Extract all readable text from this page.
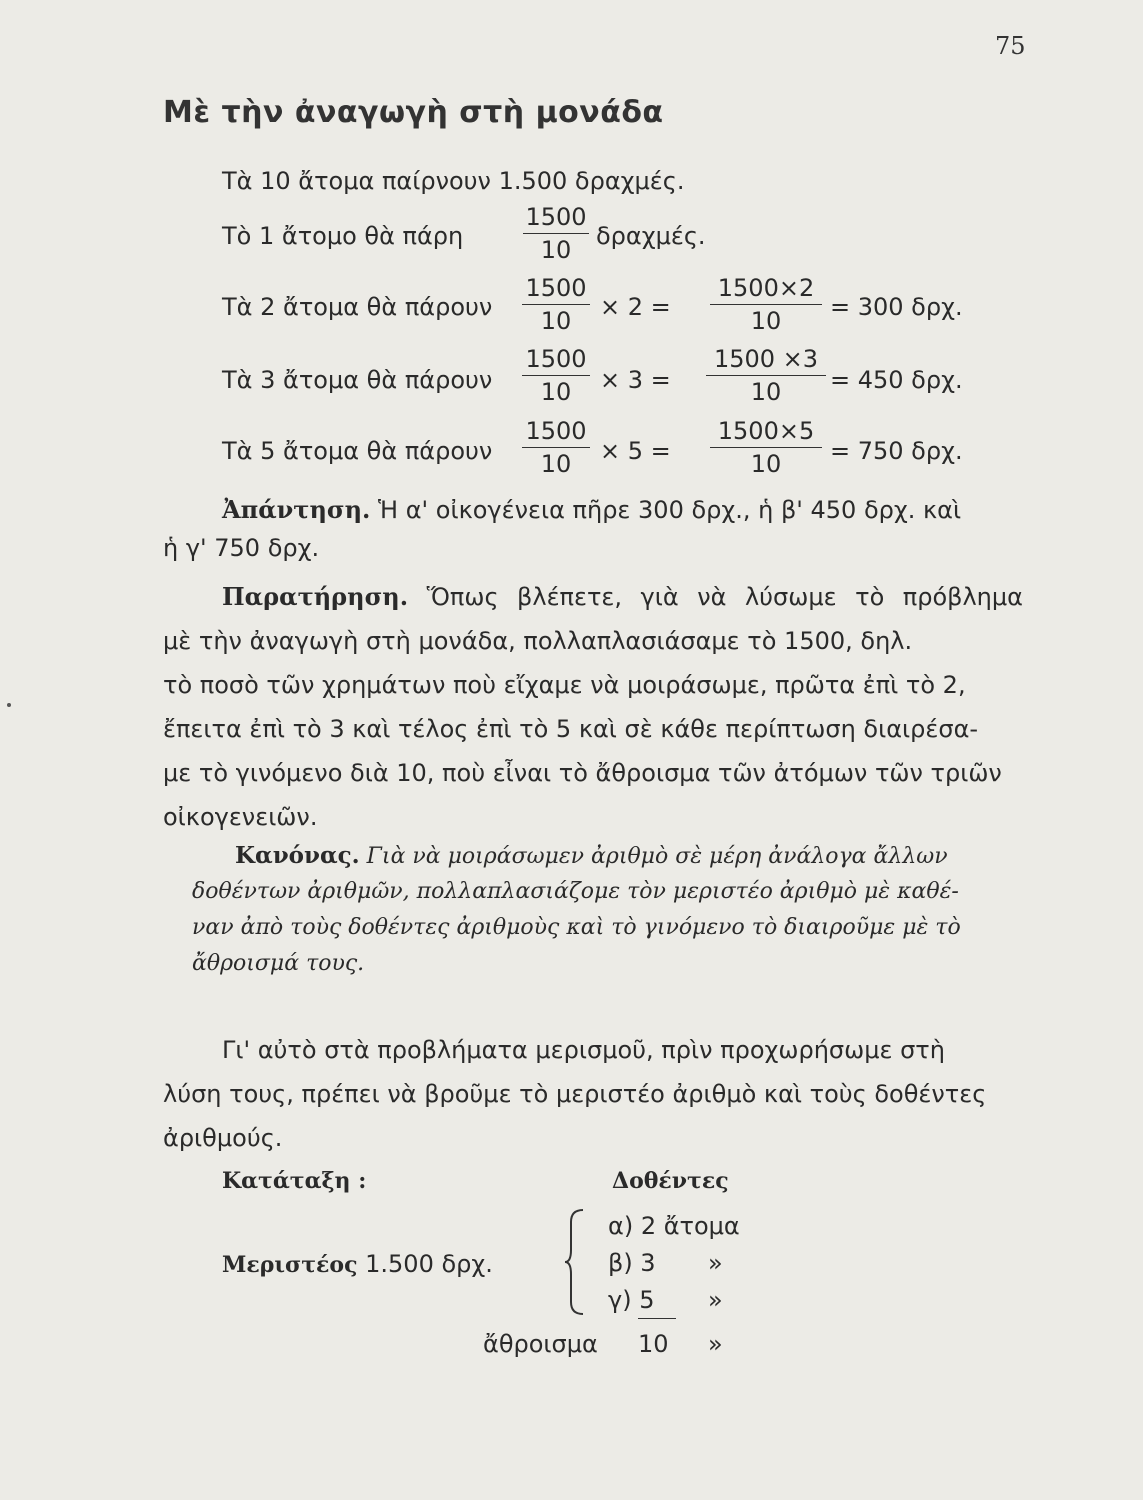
75
Mὲ τὴν ἀναγωγὴ στὴ μονάδα
Τὰ 10 ἄτομα παίρνουν 1.500 δραχμές.
Τὸ 1 ἄτομο θὰ πάρη $\frac{1500}{10} \delta\rho\alpha\chi\mu έ\varsigma$.
Τὰ 2 ἄτομα θὰ πάρουν $\frac{1500}{10} \times 2 = \frac{1500\times 2}{10} = 300$ δρχ.
Τὰ 3 ἄτομα θὰ πάρουν $\frac{1500}{10} \times 3 = \frac{1500 \times 3}{10} = 450$ δρχ.
Τὰ 5 ἄτομα θὰ πάρουν $\frac{1500}{10} \times 5 = \frac{1500\times 5}{10} = 750$ δρχ.
Ἀπάντηση. Ἡ α' οἰκογένεια πῆρε 300 δρχ., ἡ β' 450 δρχ. καὶ
ἡ γ' 750 δρχ.
Παρατήρηση. Ὅπως βλέπετε, γιὰ νὰ λύσωμε τὸ πρόβλημα
μὲ τὴν ἀναγωγὴ στὴ μονάδα, πολλαπλασιάσαμε τὸ 1500, δηλ.
τὸ ποσὸ τῶν χρημάτων ποὺ εἴχαμε νὰ μοιράσωμε, πρῶτα ἐπὶ τὸ 2,
ἔπειτα ἐπὶ τὸ 3 καὶ τέλος ἐπὶ τὸ 5 καὶ σὲ κάθε περίπτωση διαιρέσα-
με τὸ γινόμενο διὰ 10, ποὺ εἶναι τὸ ἄθροισμα τῶν ἀτόμων τῶν τριῶν
οἰκογενειῶν.
Κανόνας. Γιὰ νὰ μοιράσωμεν ἀριθμὸ σὲ μέρη ἀνάλογα ἄλλων
δοθέντων ἀριθμῶν, πολλαπλασιάζομε τὸν μεριστέο ἀριθμὸ μὲ καθέ-
ναν ἀπὸ τοὺς δοθέντες ἀριθμοὺς καὶ τὸ γινόμενο τὸ διαιροῦμε μὲ τὸ
ἄθροισμά τους.
Γι' αὐτὸ στὰ προβλήματα μερισμοῦ, πρὶν προχωρήσωμε στὴ
λύση τους, πρέπει νὰ βροῦμε τὸ μεριστέο ἀριθμὸ καὶ τοὺς δοθέντες
ἀριθμούς.
Κατάταξη :	Δοθέντες
Μεριστέος 1.500 δρχ.
α) 2 ἄτομα
β) 3 »
γ) 5 »
ἄθροισμα 10 »
